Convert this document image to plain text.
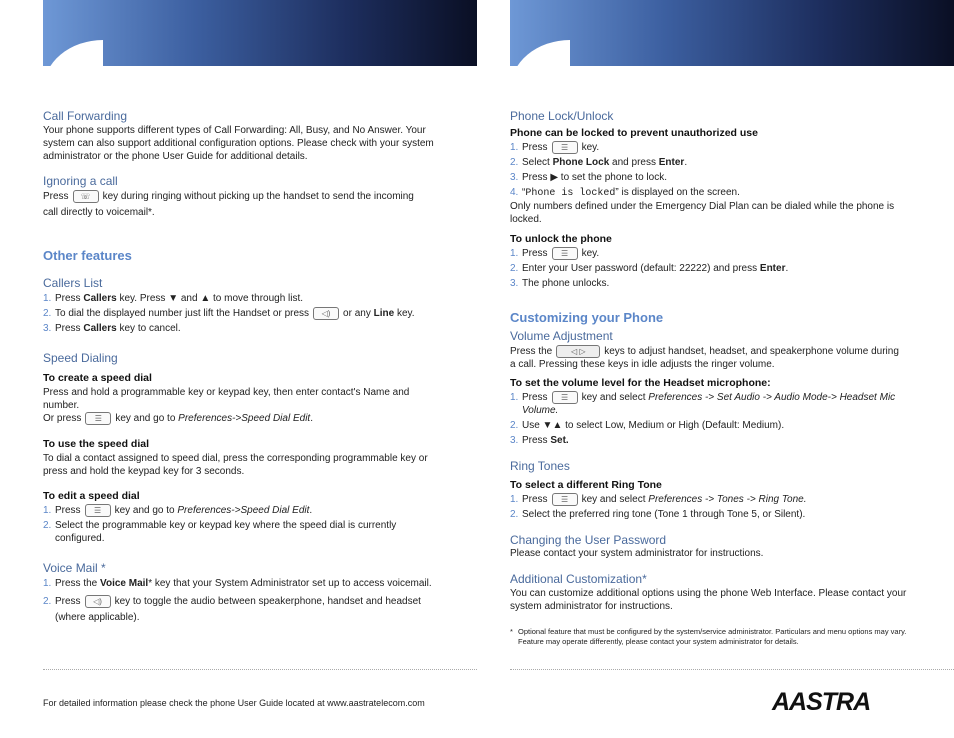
Call Forwarding
Your phone supports different types of Call Forwarding: All, Busy, and No Answer. Your system can also support additional configuration options. Please check with your system administrator or the phone User Guide for additional details.
Ignoring a call
Press	☏	key during ringing without picking up the handset to send the incoming
call directly to voicemail*.
Other features
Callers List
1. Press Callers key. Press ▼ and ▲ to move through list.
2. To dial the displayed number just lift the Handset or press	◁)	or any Line key.
3. Press Callers key to cancel.
Speed Dialing
To create a speed dial
Press and hold a programmable key or keypad key, then enter contact's Name and number.
Or press	☰	key and go to Preferences->Speed Dial Edit.
To use the speed dial
To dial a contact assigned to speed dial, press the corresponding programmable key or press and hold the keypad key for 3 seconds.
To edit a speed dial
1. Press	☰	key and go to Preferences->Speed Dial Edit.
2. Select the programmable key or keypad key where the speed dial is currently configured.
Voice Mail *
1. Press the Voice Mail* key that your System Administrator set up to access voicemail.
2. Press	◁)	key to toggle the audio between speakerphone, handset and headset
(where applicable).
For detailed information please check the phone User Guide located at www.aastratelecom.com
Phone Lock/Unlock
Phone can be locked to prevent unauthorized use
1. Press	☰	key.
2. Select Phone Lock and press Enter.
3. Press ▶ to set the phone to lock.
4. “Phone is locked” is displayed on the screen.
Only numbers defined under the Emergency Dial Plan can be dialed while the phone is locked.
To unlock the phone
1. Press	☰	key.
2. Enter your User password (default: 22222) and press Enter.
3. The phone unlocks.
Customizing your Phone
Volume Adjustment
Press the	◁ ▷	keys to adjust handset, headset, and speakerphone volume during
a call. Pressing these keys in idle adjusts the ringer volume.
To set the volume level for the Headset microphone:
1. Press	☰	key and select Preferences -> Set Audio -> Audio Mode-> Headset Mic
Volume.
2. Use ▼▲ to select Low, Medium or High (Default: Medium).
3. Press Set.
Ring Tones
To select a different Ring Tone
1. Press	☰	key and select Preferences -> Tones -> Ring Tone.
2. Select the preferred ring tone (Tone 1 through Tone 5, or Silent).
Changing the User Password
Please contact your system administrator for instructions.
Additional Customization*
You can customize additional options using the phone Web Interface. Please contact your system administrator for instructions.
* Optional feature that must be configured by the system/service administrator. Particulars and menu options may vary. Feature may operate differently, please contact your system administrator for details.
AASTRA
